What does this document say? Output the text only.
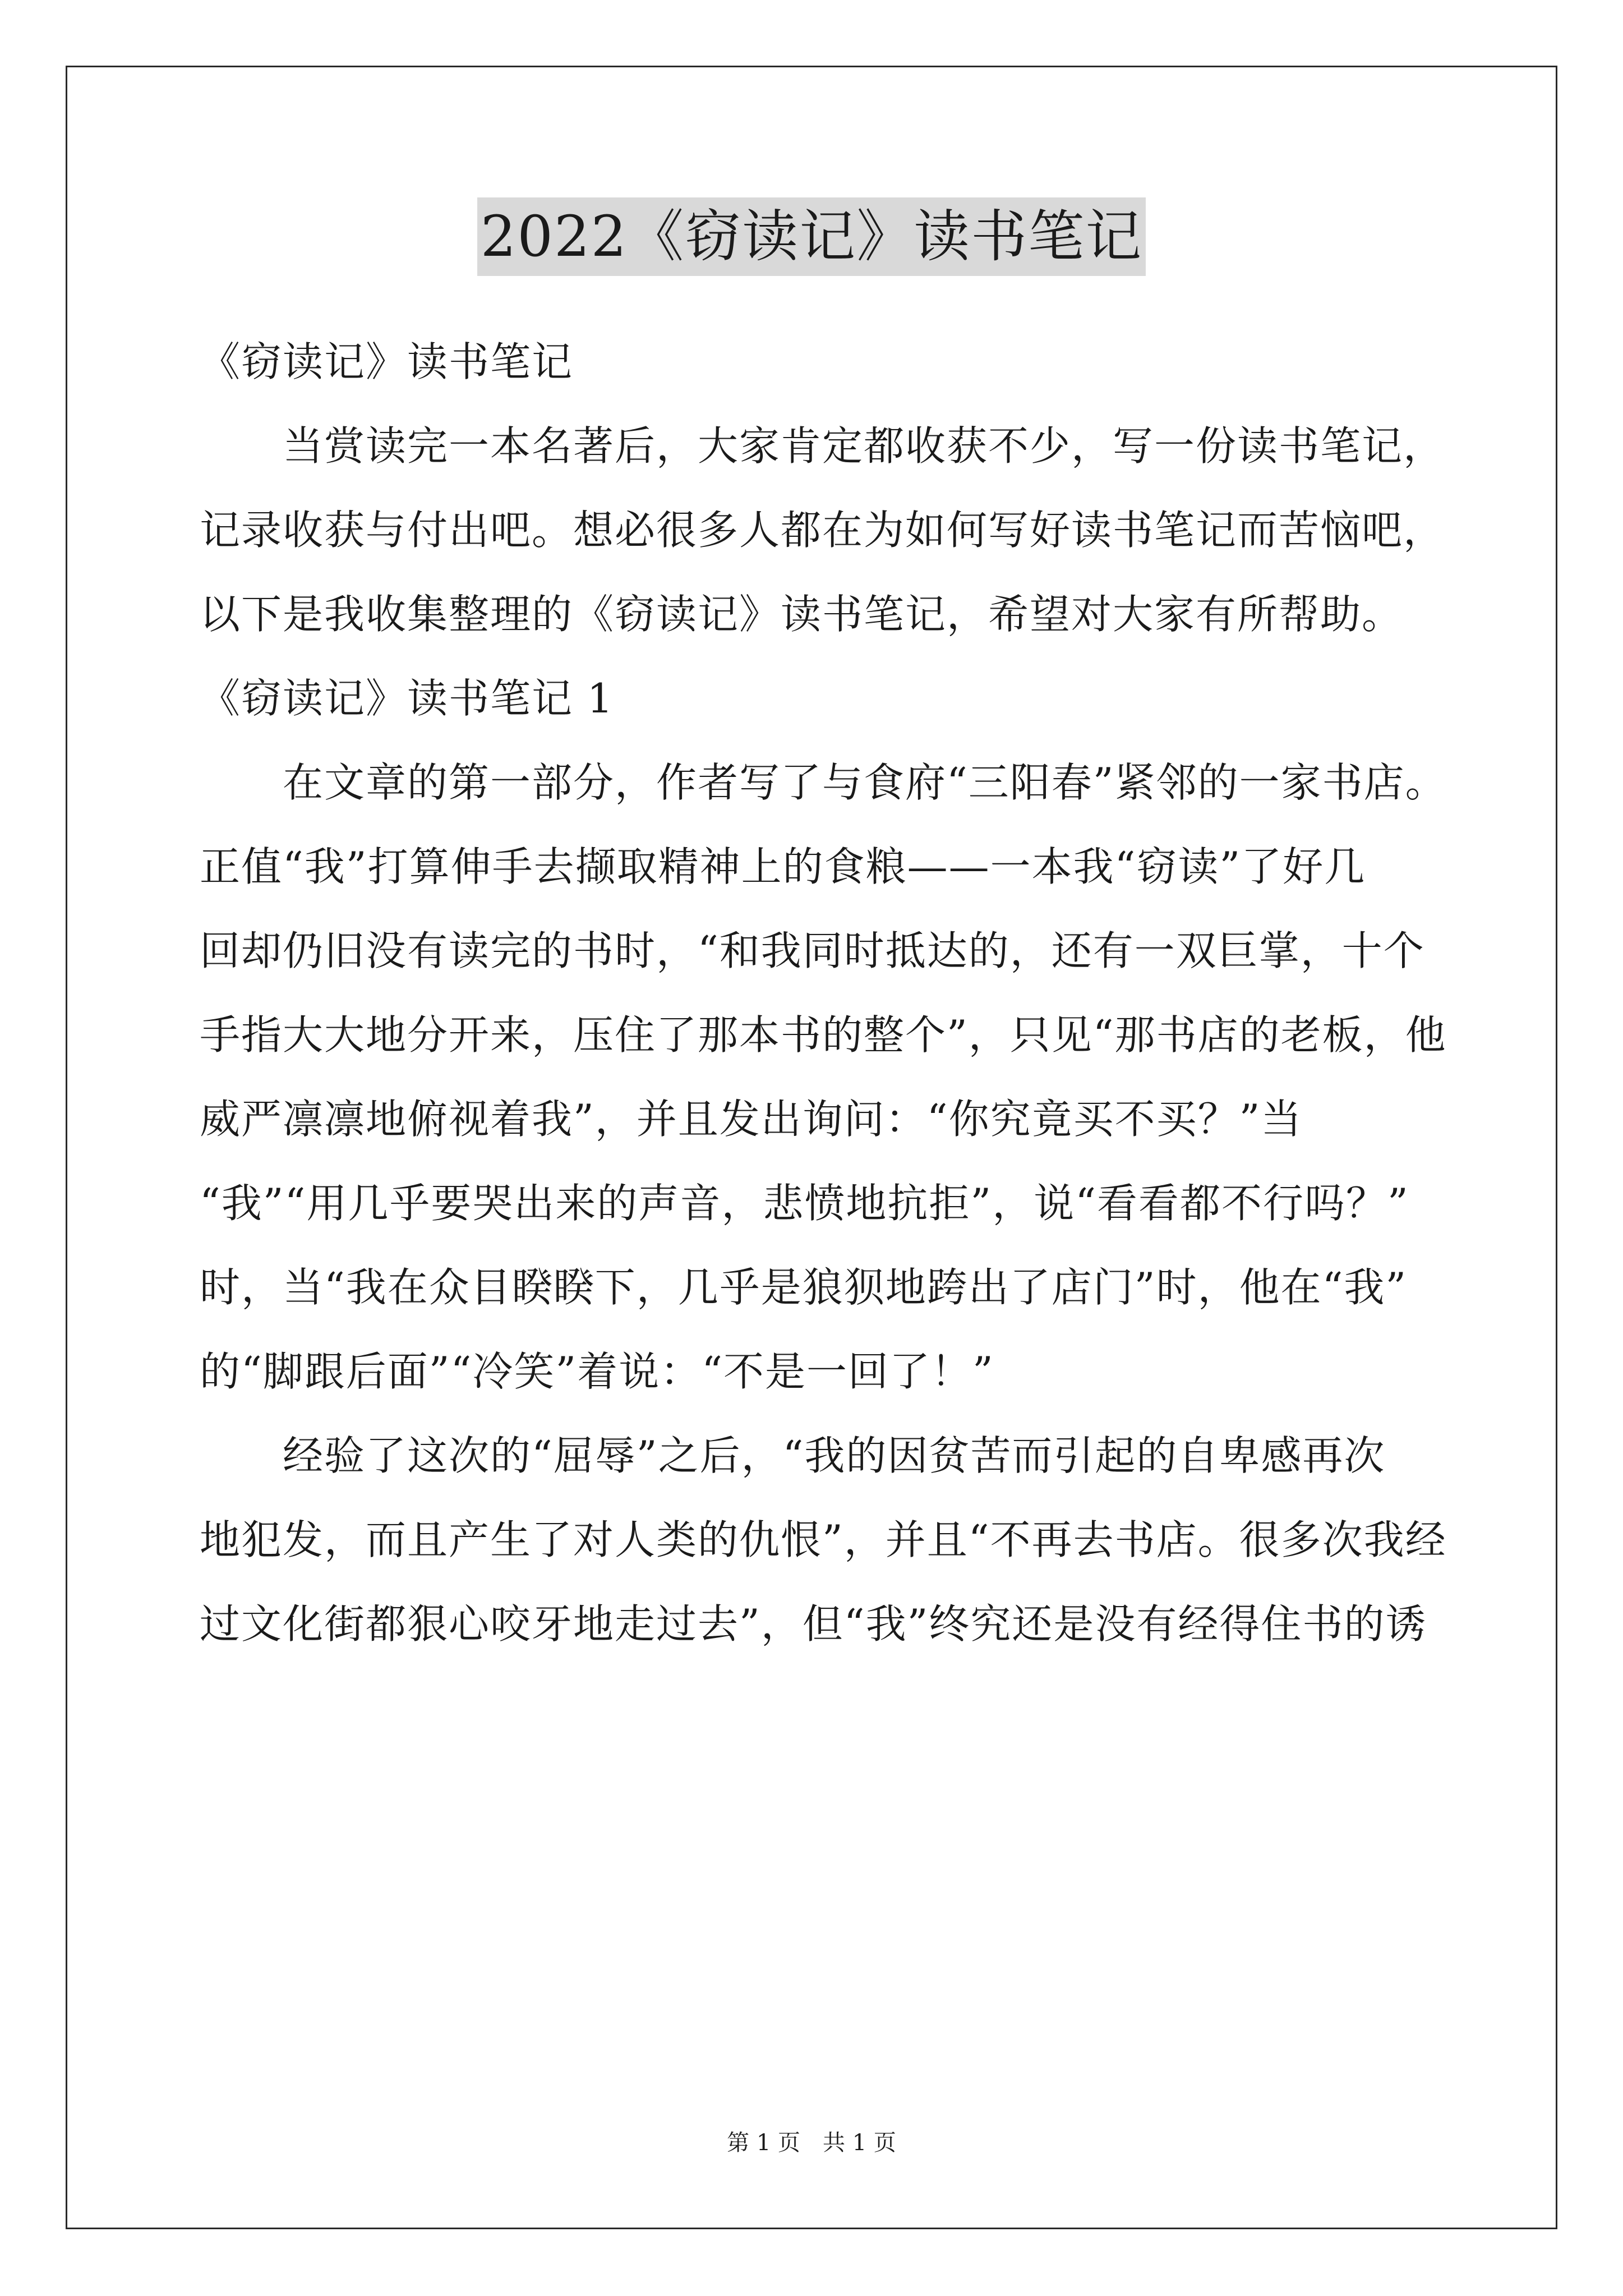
2022《窃读记》读书笔记
《窃读记》读书笔记
当赏读完一本名著后，大家肯定都收获不少，写一份读书笔记，
记录收获与付出吧。想必很多人都在为如何写好读书笔记而苦恼吧，
以下是我收集整理的《窃读记》读书笔记，希望对大家有所帮助。
《窃读记》读书笔记 1
在文章的第一部分，作者写了与食府“三阳春”紧邻的一家书店。
正值“我”打算伸手去撷取精神上的食粮——一本我“窃读”了好几
回却仍旧没有读完的书时，“和我同时抵达的，还有一双巨掌，十个
手指大大地分开来，压住了那本书的整个”，只见“那书店的老板，他
威严凛凛地俯视着我”，并且发出询问：“你究竟买不买？”当
“我”“用几乎要哭出来的声音，悲愤地抗拒”，说“看看都不行吗？”
时，当“我在众目睽睽下，几乎是狼狈地跨出了店门”时，他在“我”
的“脚跟后面”“冷笑”着说：“不是一回了！”
经验了这次的“屈辱”之后，“我的因贫苦而引起的自卑感再次
地犯发，而且产生了对人类的仇恨”，并且“不再去书店。很多次我经
过文化街都狠心咬牙地走过去”，但“我”终究还是没有经得住书的诱
第 1 页　共 1 页
